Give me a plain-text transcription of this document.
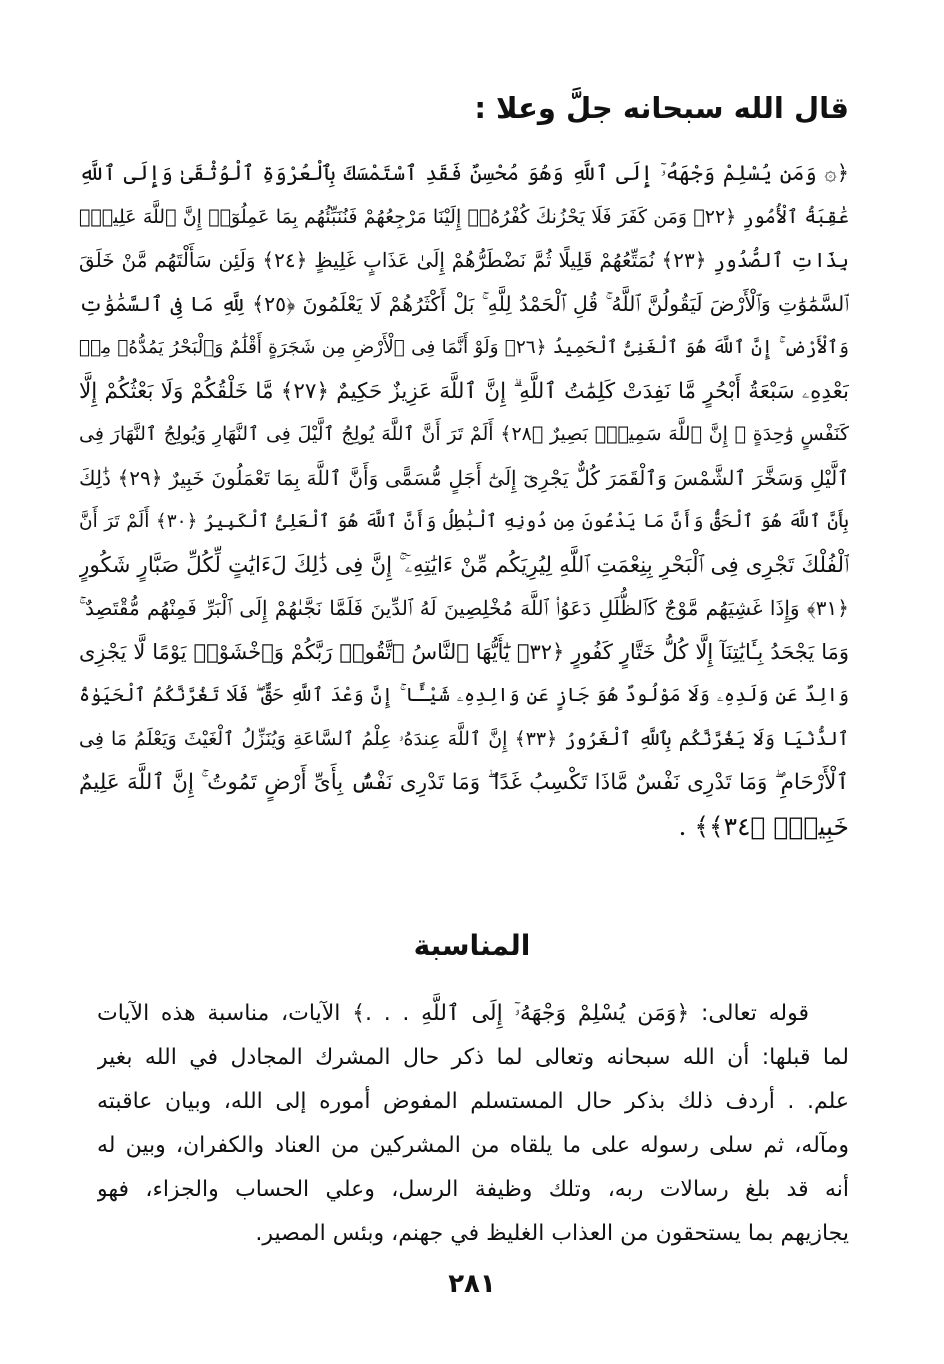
قال الله سبحانه جلَّ وعلا :
﴿۞ وَمَن يُسْلِمْ وَجْهَهُۥٓ إِلَى ٱللَّهِ وَهُوَ مُحْسِنٌ فَقَدِ ٱسْتَمْسَكَ بِٱلْعُرْوَةِ ٱلْوُثْقَىٰ وَإِلَى ٱللَّهِ
عَٰقِبَةُ ٱلْأُمُورِ ﴿٢٢﴾ وَمَن كَفَرَ فَلَا يَحْزُنكَ كُفْرُهُۥٓ إِلَيْنَا مَرْجِعُهُمْ فَنُنَبِّئُهُم بِمَا عَمِلُوٓا۟ إِنَّ ٱللَّهَ عَلِيمٌۢ
بِذَاتِ ٱلصُّدُورِ ﴿٢٣﴾ نُمَتِّعُهُمْ قَلِيلًا ثُمَّ نَضْطَرُّهُمْ إِلَىٰ عَذَابٍ غَلِيظٍ ﴿٢٤﴾ وَلَئِن سَأَلْتَهُم مَّنْ خَلَقَ
ٱلسَّمَٰوَٰتِ وَٱلْأَرْضَ لَيَقُولُنَّ ٱللَّهُ ۚ قُلِ ٱلْحَمْدُ لِلَّهِ ۚ بَلْ أَكْثَرُهُمْ لَا يَعْلَمُونَ ﴿٢٥﴾ لِلَّهِ مَا فِى ٱلسَّمَٰوَٰتِ
وَٱلْأَرْضِ ۚ إِنَّ ٱللَّهَ هُوَ ٱلْغَنِىُّ ٱلْحَمِيدُ ﴿٢٦﴾ وَلَوْ أَنَّمَا فِى ٱلْأَرْضِ مِن شَجَرَةٍ أَقْلَٰمٌ وَٱلْبَحْرُ يَمُدُّهُۥ مِنۢ
بَعْدِهِۦ سَبْعَةُ أَبْحُرٍ مَّا نَفِدَتْ كَلِمَٰتُ ٱللَّهِ ۗ إِنَّ ٱللَّهَ عَزِيزٌ حَكِيمٌ ﴿٢٧﴾ مَّا خَلْقُكُمْ وَلَا بَعْثُكُمْ إِلَّا
كَنَفْسٍ وَٰحِدَةٍ ۗ إِنَّ ٱللَّهَ سَمِيعٌۢ بَصِيرٌ ﴿٢٨﴾ أَلَمْ تَرَ أَنَّ ٱللَّهَ يُولِجُ ٱلَّيْلَ فِى ٱلنَّهَارِ وَيُولِجُ ٱلنَّهَارَ فِى
ٱلَّيْلِ وَسَخَّرَ ٱلشَّمْسَ وَٱلْقَمَرَ كُلٌّ يَجْرِىٓ إِلَىٰٓ أَجَلٍ مُّسَمًّى وَأَنَّ ٱللَّهَ بِمَا تَعْمَلُونَ خَبِيرٌ ﴿٢٩﴾ ذَٰلِكَ
بِأَنَّ ٱللَّهَ هُوَ ٱلْحَقُّ وَأَنَّ مَا يَدْعُونَ مِن دُونِهِ ٱلْبَٰطِلُ وَأَنَّ ٱللَّهَ هُوَ ٱلْعَلِىُّ ٱلْكَبِيرُ ﴿٣٠﴾ أَلَمْ تَرَ أَنَّ
ٱلْفُلْكَ تَجْرِى فِى ٱلْبَحْرِ بِنِعْمَتِ ٱللَّهِ لِيُرِيَكُم مِّنْ ءَايَٰتِهِۦٓ ۚ إِنَّ فِى ذَٰلِكَ لَءَايَٰتٍ لِّكُلِّ صَبَّارٍ شَكُورٍ
﴿٣١﴾ وَإِذَا غَشِيَهُم مَّوْجٌ كَٱلظُّلَلِ دَعَوُا۟ ٱللَّهَ مُخْلِصِينَ لَهُ ٱلدِّينَ فَلَمَّا نَجَّىٰهُمْ إِلَى ٱلْبَرِّ فَمِنْهُم مُّقْتَصِدٌ ۚ
وَمَا يَجْحَدُ بِـَٔايَٰتِنَآ إِلَّا كُلُّ خَتَّارٍ كَفُورٍ ﴿٣٢﴾ يَٰٓأَيُّهَا ٱلنَّاسُ ٱتَّقُوا۟ رَبَّكُمْ وَٱخْشَوْا۟ يَوْمًا لَّا يَجْزِى
وَالِدٌ عَن وَلَدِهِۦ وَلَا مَوْلُودٌ هُوَ جَازٍ عَن وَالِدِهِۦ شَيْـًٔا ۚ إِنَّ وَعْدَ ٱللَّهِ حَقٌّ ۖ فَلَا تَغُرَّنَّكُمُ ٱلْحَيَوٰةُ
ٱلدُّنْيَا وَلَا يَغُرَّنَّكُم بِٱللَّهِ ٱلْغَرُورُ ﴿٣٣﴾ إِنَّ ٱللَّهَ عِندَهُۥ عِلْمُ ٱلسَّاعَةِ وَيُنَزِّلُ ٱلْغَيْثَ وَيَعْلَمُ مَا فِى
ٱلْأَرْحَامِ ۖ وَمَا تَدْرِى نَفْسٌ مَّاذَا تَكْسِبُ غَدًا ۖ وَمَا تَدْرِى نَفْسٌۢ بِأَىِّ أَرْضٍ تَمُوتُ ۚ إِنَّ ٱللَّهَ عَلِيمٌ
خَبِيرٌۢ ﴿٣٤﴾﴾ .
المناسبة
قوله تعالى: ﴿وَمَن يُسْلِمْ وَجْهَهُۥٓ إِلَى ٱللَّهِ . . .﴾ الآيات، مناسبة هذه الآيات
لما قبلها: أن الله سبحانه وتعالى لما ذكر حال المشرك المجادل في الله بغير
علم. . أردف ذلك بذكر حال المستسلم المفوض أموره إلى الله، وبيان عاقبته
ومآله، ثم سلى رسوله على ما يلقاه من المشركين من العناد والكفران، وبين له
أنه قد بلغ رسالات ربه، وتلك وظيفة الرسل، وعلي الحساب والجزاء، فهو
يجازيهم بما يستحقون من العذاب الغليظ في جهنم، وبئس المصير.
٢٨١
